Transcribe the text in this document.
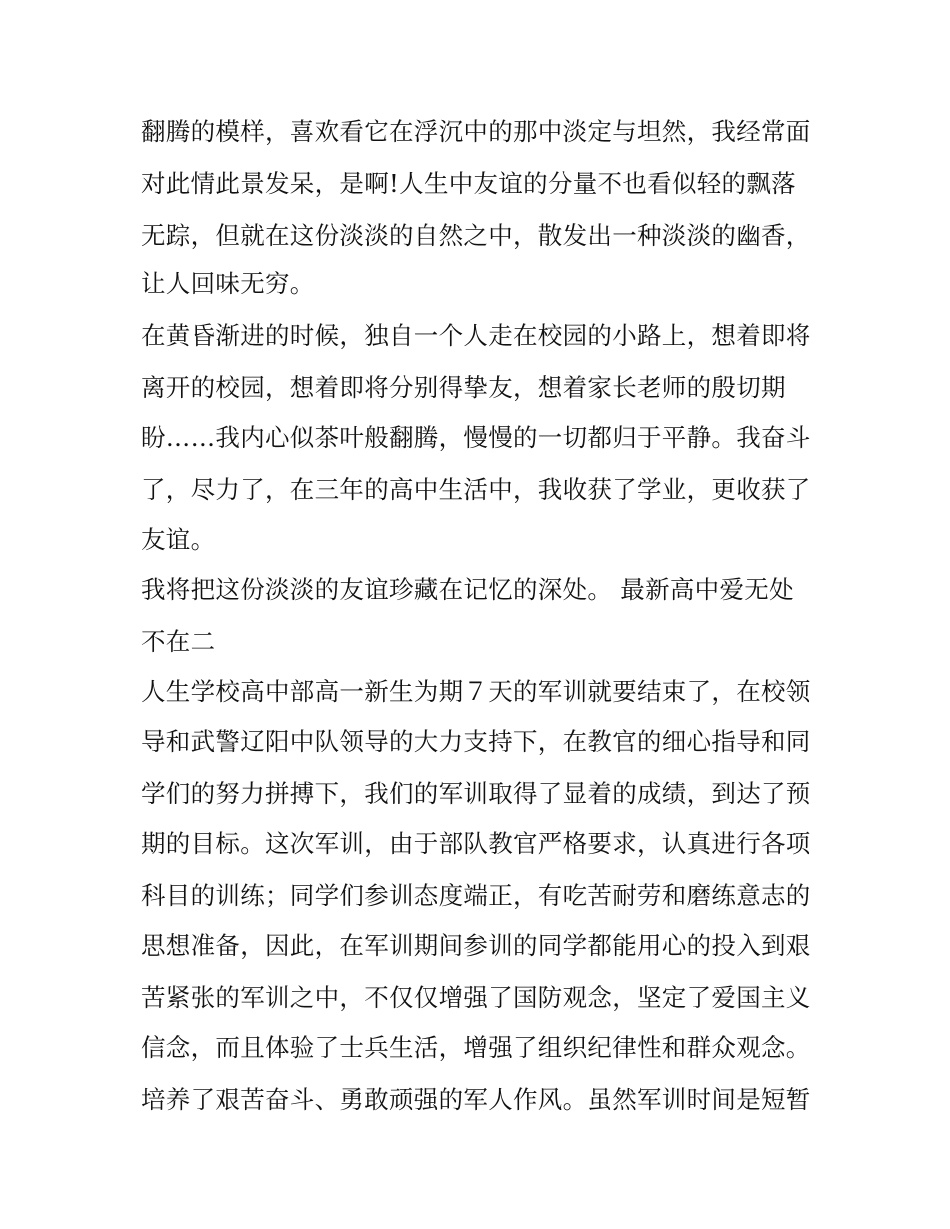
翻腾的模样，喜欢看它在浮沉中的那中淡定与坦然，我经常面
对此情此景发呆，是啊!人生中友谊的分量不也看似轻的飘落
无踪，但就在这份淡淡的自然之中，散发出一种淡淡的幽香，
让人回味无穷。
在黄昏渐进的时候，独自一个人走在校园的小路上，想着即将
离开的校园，想着即将分别得挚友，想着家长老师的殷切期
盼……我内心似茶叶般翻腾，慢慢的一切都归于平静。我奋斗
了，尽力了，在三年的高中生活中，我收获了学业，更收获了
友谊。
我将把这份淡淡的友谊珍藏在记忆的深处。 最新高中爱无处
不在二
人生学校高中部高一新生为期７天的军训就要结束了，在校领
导和武警辽阳中队领导的大力支持下，在教官的细心指导和同
学们的努力拼搏下，我们的军训取得了显着的成绩，到达了预
期的目标。这次军训，由于部队教官严格要求，认真进行各项
科目的训练；同学们参训态度端正，有吃苦耐劳和磨练意志的
思想准备，因此，在军训期间参训的同学都能用心的投入到艰
苦紧张的军训之中，不仅仅增强了国防观念，坚定了爱国主义
信念，而且体验了士兵生活，增强了组织纪律性和群众观念。
培养了艰苦奋斗、勇敢顽强的军人作风。虽然军训时间是短暂
